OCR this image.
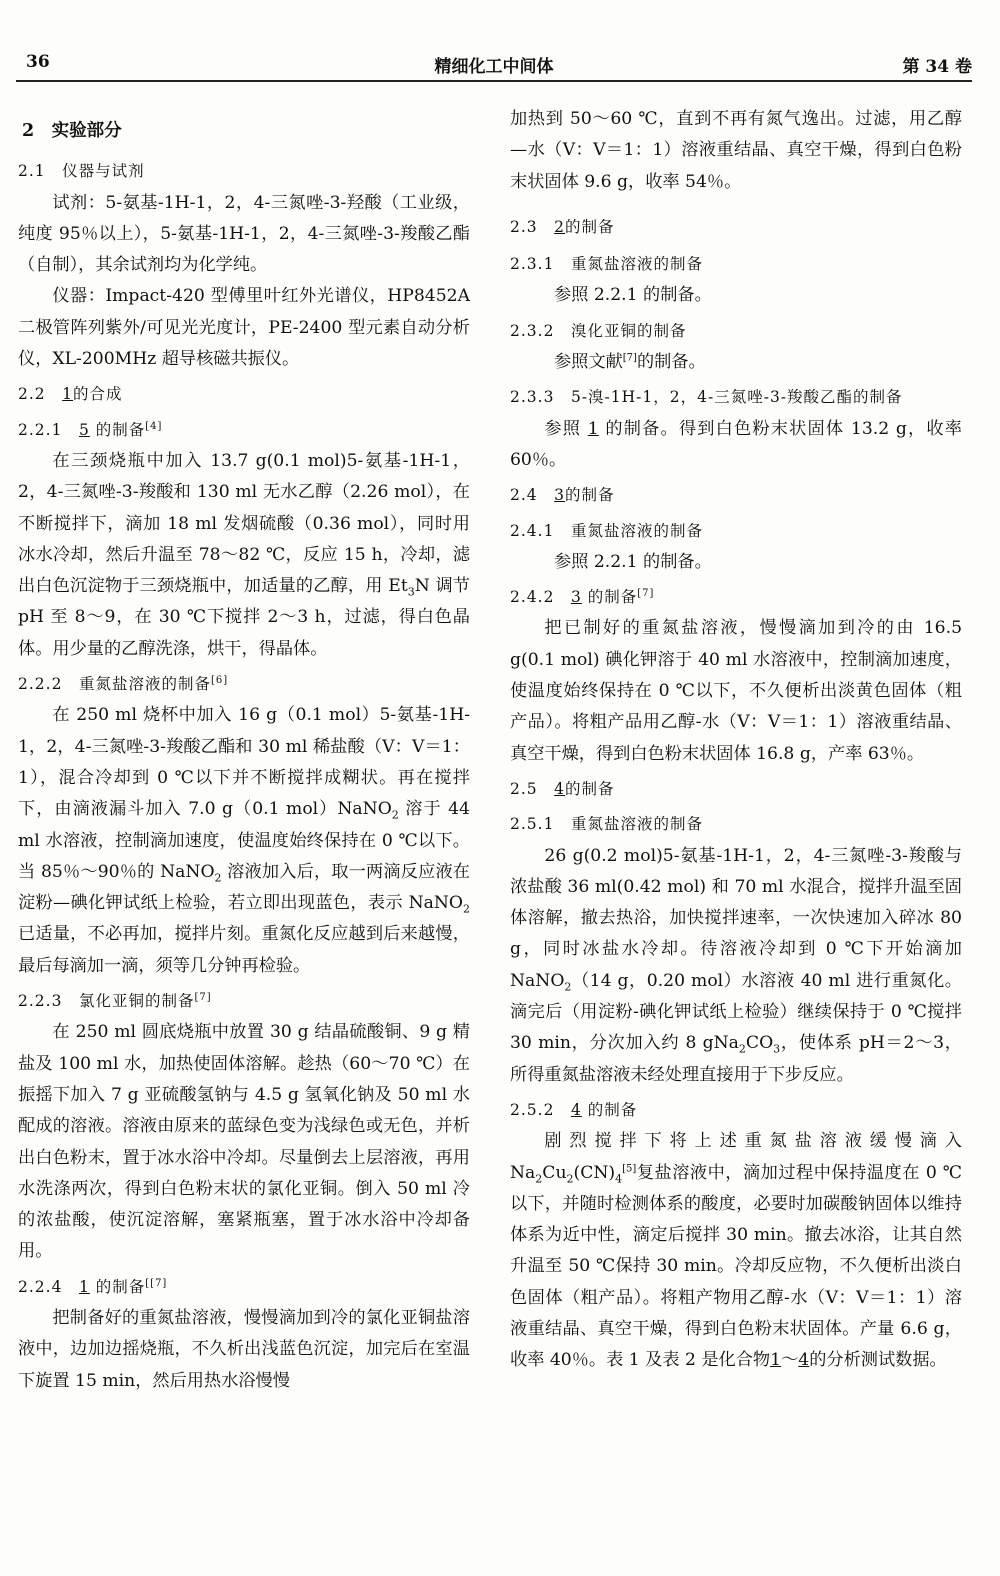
36	精细化工中间体	第 34 卷
2　实验部分
2.1　仪器与试剂

试剂：5-氨基-1H-1，2，4-三氮唑-3-羟酸（工业级，纯度 95％以上），5-氨基-1H-1，2，4-三氮唑-3-羧酸乙酯（自制），其余试剂均为化学纯。

仪器：Impact-420 型傅里叶红外光谱仪，HP8452A 二极管阵列紫外/可见光光度计，PE-2400 型元素自动分析仪，XL-200MHz 超导核磁共振仪。

2.2　1的合成
2.2.1　5 的制备[4]

在三颈烧瓶中加入 13.7 g(0.1 mol)5-氨基-1H-1，2，4-三氮唑-3-羧酸和 130 ml 无水乙醇（2.26 mol），在不断搅拌下，滴加 18 ml 发烟硫酸（0.36 mol），同时用冰水冷却，然后升温至 78～82 ℃，反应 15 h，冷却，滤出白色沉淀物于三颈烧瓶中，加适量的乙醇，用 $Et_3N$ 调节 pH 至 8～9，在 30 ℃下搅拌 2～3 h，过滤，得白色晶体。用少量的乙醇洗涤，烘干，得晶体。

2.2.2　重氮盐溶液的制备[6]

在 250 ml 烧杯中加入 16 g（0.1 mol）5-氨基-1H-1，2，4-三氮唑-3-羧酸乙酯和 30 ml 稀盐酸（V：V＝1：1），混合冷却到 0 ℃以下并不断搅拌成糊状。再在搅拌下，由滴液漏斗加入 7.0 g（0.1 mol）NaNO$_2$ 溶于 44 ml 水溶液，控制滴加速度，使温度始终保持在 0 ℃以下。当 85％～90％的 NaNO$_2$ 溶液加入后，取一两滴反应液在淀粉—碘化钾试纸上检验，若立即出现蓝色，表示 NaNO$_2$ 已适量，不必再加，搅拌片刻。重氮化反应越到后来越慢，最后每滴加一滴，须等几分钟再检验。

2.2.3　氯化亚铜的制备[7]

在 250 ml 圆底烧瓶中放置 30 g 结晶硫酸铜、9 g 精盐及 100 ml 水，加热使固体溶解。趁热（60～70 ℃）在振摇下加入 7 g 亚硫酸氢钠与 4.5 g 氢氧化钠及 50 ml 水配成的溶液。溶液由原来的蓝绿色变为浅绿色或无色，并析出白色粉末，置于冰水浴中冷却。尽量倒去上层溶液，再用水洗涤两次，得到白色粉末状的氯化亚铜。倒入 50 ml 冷的浓盐酸，使沉淀溶解，塞紧瓶塞，置于冰水浴中冷却备用。

2.2.4　1 的制备[[7]

把制备好的重氮盐溶液，慢慢滴加到冷的氯化亚铜盐溶液中，边加边摇烧瓶，不久析出浅蓝色沉淀，加完后在室温下旋置 15 min，然后用热水浴慢慢

加热到 50～60 ℃，直到不再有氮气逸出。过滤，用乙醇—水（V：V＝1：1）溶液重结晶、真空干燥，得到白色粉末状固体 9.6 g，收率 54％。

2.3　2的制备
2.3.1　重氮盐溶液的制备

参照 2.2.1 的制备。

2.3.2　溴化亚铜的制备

参照文献[7]的制备。

2.3.3　5-溴-1H-1，2，4-三氮唑-3-羧酸乙酯的制备

参照 1 的制备。得到白色粉末状固体 13.2 g，收率 60％。

2.4　3的制备
2.4.1　重氮盐溶液的制备

参照 2.2.1 的制备。

2.4.2　3 的制备[7]

把已制好的重氮盐溶液，慢慢滴加到冷的由 16.5 g(0.1 mol) 碘化钾溶于 40 ml 水溶液中，控制滴加速度，使温度始终保持在 0 ℃以下，不久便析出淡黄色固体（粗产品）。将粗产品用乙醇-水（V：V＝1：1）溶液重结晶、真空干燥，得到白色粉末状固体 16.8 g，产率 63％。

2.5　4的制备
2.5.1　重氮盐溶液的制备

26 g(0.2 mol)5-氨基-1H-1，2，4-三氮唑-3-羧酸与浓盐酸 36 ml(0.42 mol) 和 70 ml 水混合，搅拌升温至固体溶解，撤去热浴，加快搅拌速率，一次快速加入碎冰 80 g，同时冰盐水冷却。待溶液冷却到 0 ℃下开始滴加 NaNO$_2$（14 g，0.20 mol）水溶液 40 ml 进行重氮化。滴完后（用淀粉-碘化钾试纸上检验）继续保持于 0 ℃搅拌 30 min，分次加入约 8 $gNa_2CO_3$，使体系 pH＝2～3，所得重氮盐溶液未经处理直接用于下步反应。

2.5.2　4 的制备

剧烈搅拌下将上述重氮盐溶液缓慢滴入 $Na_2Cu_2(CN)_4[5]$复盐溶液中，滴加过程中保持温度在 0 ℃以下，并随时检测体系的酸度，必要时加碳酸钠固体以维持体系为近中性，滴定后搅拌 30 min。撤去冰浴，让其自然升温至 50 ℃保持 30 min。冷却反应物，不久便析出淡白色固体（粗产品）。将粗产物用乙醇-水（V：V＝1：1）溶液重结晶、真空干燥，得到白色粉末状固体。产量 6.6 g，收率 40％。表 1 及表 2 是化合物1～4的分析测试数据。
